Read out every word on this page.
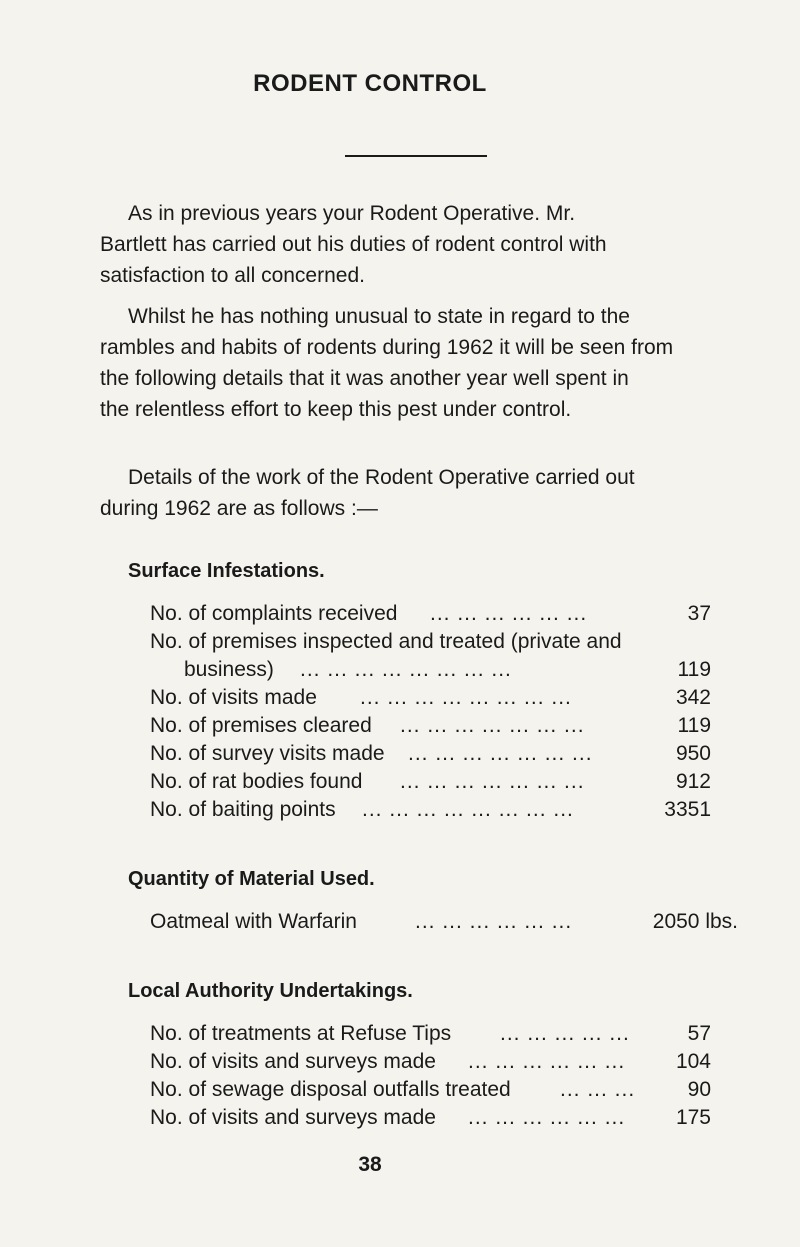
RODENT CONTROL
As in previous years your Rodent Operative. Mr.
Bartlett has carried out his duties of rodent control with
satisfaction to all concerned.
Whilst he has nothing unusual to state in regard to the
rambles and habits of rodents during 1962 it will be seen from
the following details that it was another year well spent in
the relentless effort to keep this pest under control.
Details of the work of the Rodent Operative carried out
during 1962 are as follows :—
Surface Infestations.
No. of complaints received ... ... ... ... ... ...	37
No. of premises inspected and treated (private and
business) ... ... ... ... ... ... ... ...	119
No. of visits made ... ... ... ... ... ... ... ...	342
No. of premises cleared ... ... ... ... ... ... ...	119
No. of survey visits made ... ... ... ... ... ... ...	950
No. of rat bodies found ... ... ... ... ... ... ...	912
No. of baiting points ... ... ... ... ... ... ... ...	3351
Quantity of Material Used.
Oatmeal with Warfarin	... ... ... ... ... ...	2050 lbs.
Local Authority Undertakings.
No. of treatments at Refuse Tips ... ... ... ... ...	57
No. of visits and surveys made ... ... ... ... ... ... 104
No. of sewage disposal outfalls treated ... ... ... 90
No. of visits and surveys made ... ... ... ... ... ... 175
38
